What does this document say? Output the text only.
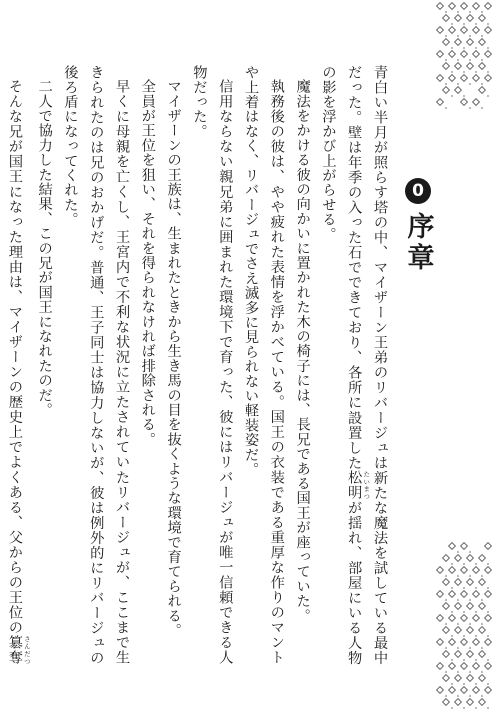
0
序章

青白い半月が照らす塔の中、マイザーン王弟のリバージュは新たな魔法を試している最中だった。壁は年季の入った石でできており、各所に設置した松明 たいまつが揺れ、部屋にいる人物の影を浮かび上がらせる。

魔法をかける彼の向かいに置かれた木の椅子には、長兄である国王が座っていた。

執務後の彼は、やや疲れた表情を浮かべている。国王の衣装である重厚な作りのマントや上着はなく、リバージュでさえ滅多に見られない軽装姿だ。

信用ならない親兄弟に囲まれた環境下で育った、彼にはリバージュが唯一信頼できる人物だった。

マイザーンの王族は、生まれたときから生き馬の目を抜くような環境で育てられる。

全員が王位を狙い、それを得られなければ排除される。

早くに母親を亡くし、王宮内で不利な状況に立たされていたリバージュが、ここまで生きられたのは兄のおかげだ。普通、王子同士は協力しないが、彼は例外的にリバージュの後ろ盾になってくれた。

二人で協力した結果、この兄が国王になれたのだ。

そんな兄が国王になった理由は、マイザーンの歴史上でよくある、父からの王位の簒奪 さんだつ
